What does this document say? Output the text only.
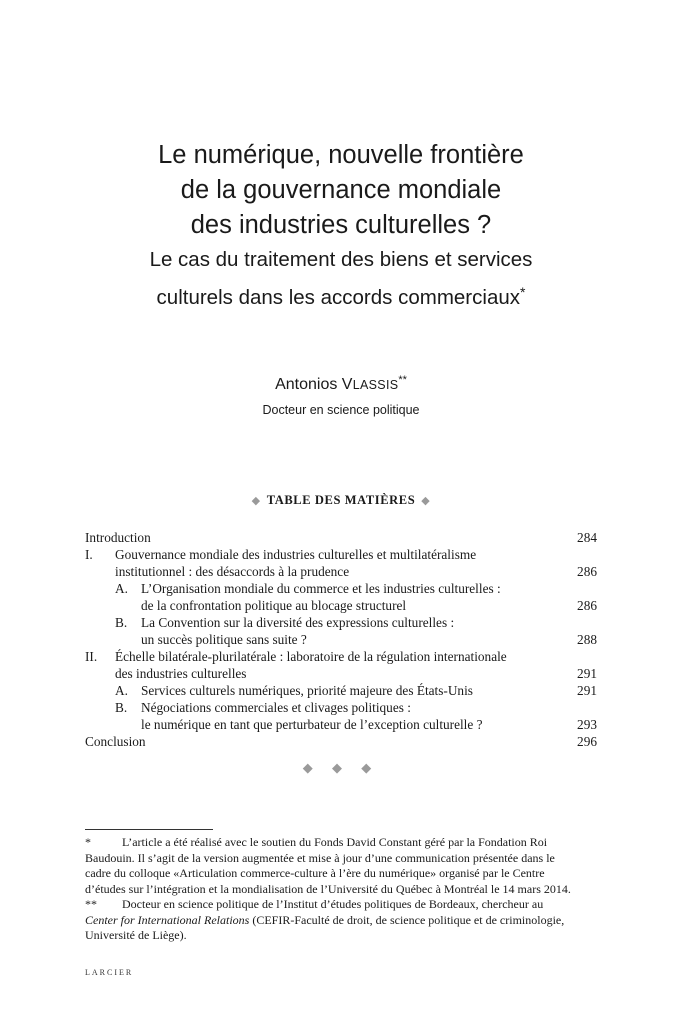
Le numérique, nouvelle frontière
de la gouvernance mondiale
des industries culturelles ?
Le cas du traitement des biens et services
culturels dans les accords commerciaux*
Antonios VLASSIS**
Docteur en science politique
◆ TABLE DES MATIÈRES ◆
Introduction	284
I. Gouvernance mondiale des industries culturelles et multilatéralisme
institutionnel : des désaccords à la prudence	286
A. L’Organisation mondiale du commerce et les industries culturelles :
de la confrontation politique au blocage structurel	286
B. La Convention sur la diversité des expressions culturelles :
un succès politique sans suite ?	288
II. Échelle bilatérale-plurilatérale : laboratoire de la régulation internationale
des industries culturelles	291
A. Services culturels numériques, priorité majeure des États-Unis	291
B. Négociations commerciales et clivages politiques :
le numérique en tant que perturbateur de l’exception culturelle ?	293
Conclusion	296
◆ ◆ ◆
*	L’article a été réalisé avec le soutien du Fonds David Constant géré par la Fondation Roi
Baudouin. Il s’agit de la version augmentée et mise à jour d’une communication présentée dans le
cadre du colloque «Articulation commerce-culture à l’ère du numérique» organisé par le Centre
d’études sur l’intégration et la mondialisation de l’Université du Québec à Montréal le 14 mars 2014.
** Docteur en science politique de l’Institut d’études politiques de Bordeaux, chercheur au
Center for International Relations (CEFIR-Faculté de droit, de science politique et de criminologie,
Université de Liège).
LARCIER
